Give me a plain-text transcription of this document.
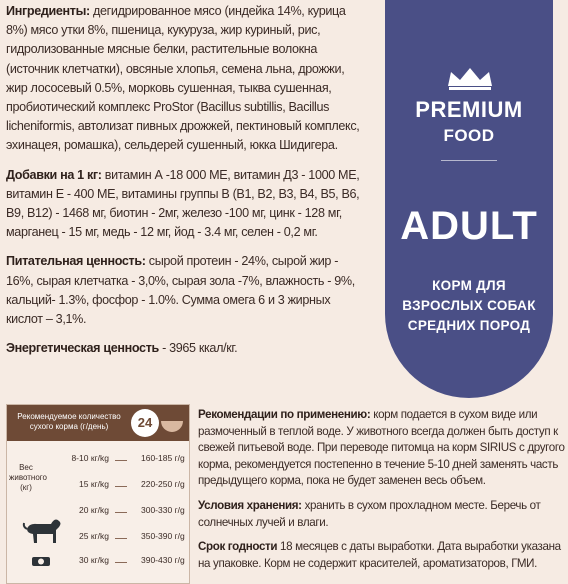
Ингредиенты: дегидрированное мясо (индейка 14%, курица 8%) мясо утки 8%, пшеница, кукуруза, жир куриный, рис, гидролизованные мясные белки, растительные волокна (источник клетчатки), овсяные хлопья, семена льна, дрожжи, жир лососевый 0.5%, морковь сушенная, тыква сушенная, пробиотический комплекс ProStor (Bacillus subtillis, Bacillus licheniformis, автолизат пивных дрожжей, пектиновый комплекс, эхинацея, ромашка), сельдерей сушенный, юкка Шидигера.

Добавки на 1 кг: витамин А -18 000 МЕ, витамин Д3 - 1000 МЕ, витамин Е - 400 МЕ, витамины группы В (В1, В2, В3, В4, В5, В6, В9, В12) - 1468 мг, биотин - 2мг, железо -100 мг, цинк - 128 мг, марганец - 15 мг, медь - 12 мг, йод - 3.4 мг, селен - 0,2 мг.

Питательная ценность: сырой протеин - 24%, сырой жир - 16%, сырая клетчатка - 3,0%, сырая зола -7%, влажность - 9%, кальций- 1.3%, фосфор - 1.0%. Сумма омега 6 и 3 жирных кислот – 3,1%.

Энергетическая ценность - 3965 ккал/кг.

PREMIUM
FOOD
ADULT
КОРМ ДЛЯ
ВЗРОСЛЫХ СОБАК
СРЕДНИХ ПОРОД
Рекомендуемое количество сухого корма (г/день)	24
Вес животного (кг)
8-10 кг/kg	160-185 г/g
15 кг/kg	220-250 г/g
20 кг/kg	300-330 г/g
25 кг/kg	350-390 г/g
30 кг/kg	390-430 г/g

Рекомендации по применению: корм подается в сухом виде или размоченный в теплой воде. У животного всегда должен быть доступ к свежей питьевой воде. При переводе питомца на корм SIRIUS с другого корма, рекомендуется постепенно в течение 5-10 дней заменять часть предыдущего корма, пока не будет заменен весь объем.

Условия хранения: хранить в сухом прохладном месте. Беречь от солнечных лучей и влаги.

Срок годности 18 месяцев с даты выработки. Дата выработки указана на упаковке. Корм не содержит красителей, ароматизаторов, ГМИ.
